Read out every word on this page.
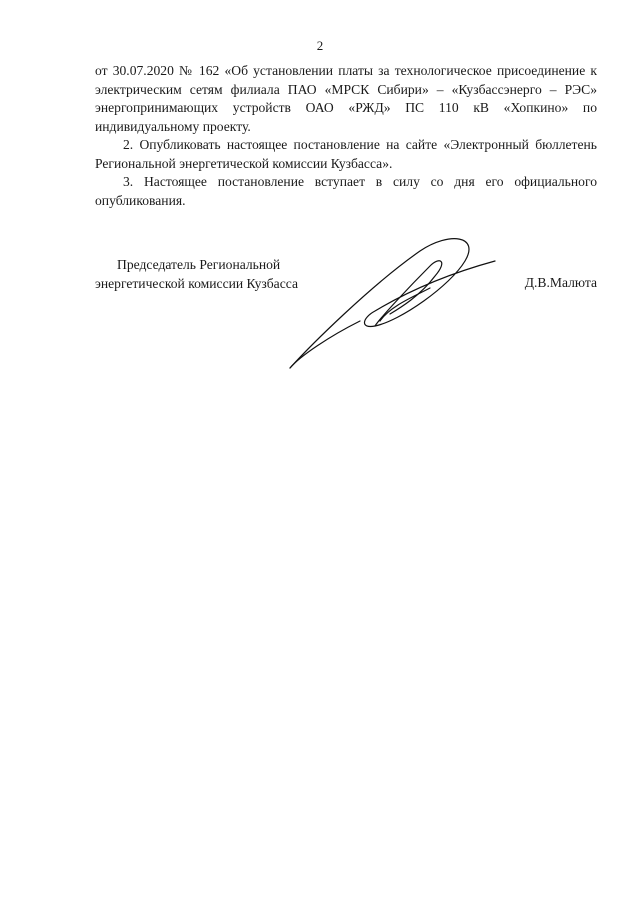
2

от 30.07.2020 № 162 «Об установлении платы за технологическое присоединение к электрическим сетям филиала ПАО «МРСК Сибири» – «Кузбассэнерго – РЭС» энергопринимающих устройств ОАО «РЖД» ПС 110 кВ «Хопкино» по индивидуальному проекту.

2. Опубликовать настоящее постановление на сайте «Электронный бюллетень Региональной энергетической комиссии Кузбасса».

3. Настоящее постановление вступает в силу со дня его официального опубликования.

Председатель Региональной
энергетической комиссии Кузбасса	Д.В.Малюта
